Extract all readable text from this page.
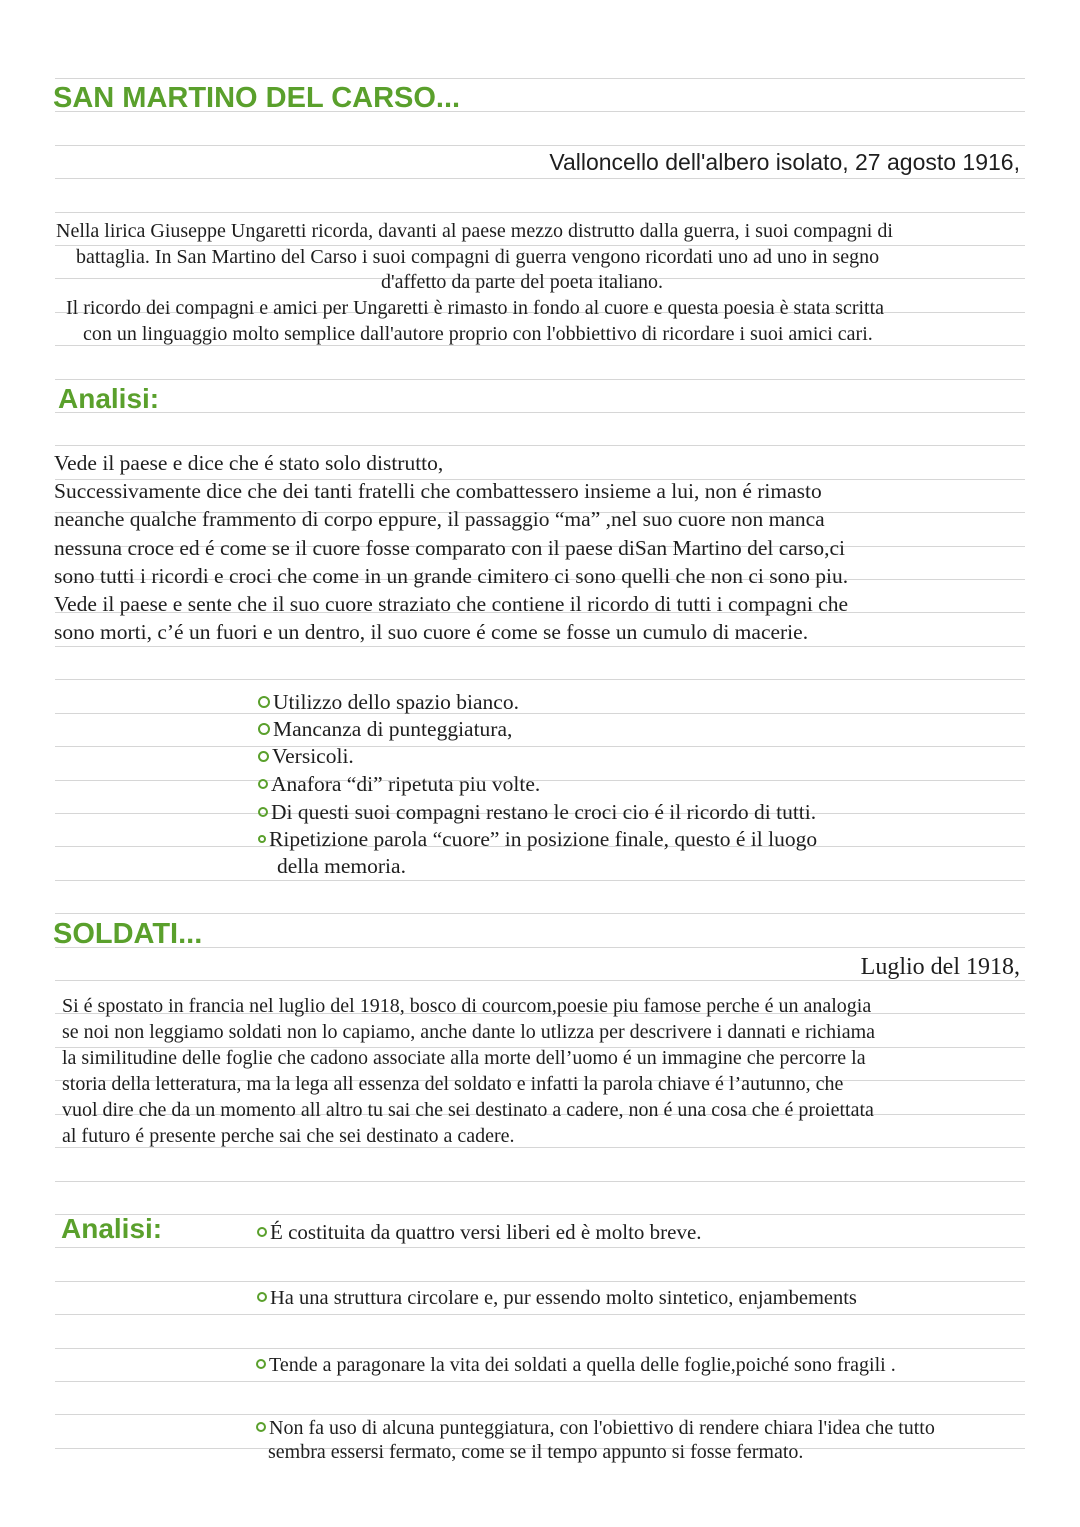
SAN MARTINO DEL CARSO...
Valloncello dell'albero isolato, 27 agosto 1916,
Nella lirica Giuseppe Ungaretti ricorda, davanti al paese mezzo distrutto dalla guerra, i suoi compagni di
battaglia. In San Martino del Carso i suoi compagni di guerra vengono ricordati uno ad uno in segno
d'affetto da parte del poeta italiano.
Il ricordo dei compagni e amici per Ungaretti è rimasto in fondo al cuore e questa poesia è stata scritta
con un linguaggio molto semplice dall'autore proprio con l'obbiettivo di ricordare i suoi amici cari.
Analisi:
Vede il paese e dice che é stato solo distrutto,
Successivamente dice che dei tanti fratelli che combattessero insieme a lui, non é rimasto
neanche qualche frammento di corpo eppure, il passaggio “ma” ,nel suo cuore non manca
nessuna croce ed é come se il cuore fosse comparato con il paese diSan Martino del carso,ci
sono tutti i ricordi e croci che come in un grande cimitero ci sono quelli che non ci sono piu.
Vede il paese e sente che il suo cuore straziato che contiene il ricordo di tutti i compagni che
sono morti, c’é un fuori e un dentro, il suo cuore é come se fosse un cumulo di macerie.
Utilizzo dello spazio bianco.
Mancanza di punteggiatura,
Versicoli.
Anafora “di” ripetuta piu volte.
Di questi suoi compagni restano le croci cio é il ricordo di tutti.
Ripetizione parola “cuore” in posizione finale, questo é il luogo
della memoria.
SOLDATI...
Luglio del 1918,
Si é spostato in francia nel luglio del 1918, bosco di courcom,poesie piu famose perche é un analogia
se noi non leggiamo soldati non lo capiamo, anche dante lo utlizza per descrivere i dannati e richiama
la similitudine delle foglie che cadono associate alla morte dell’uomo é un immagine che percorre la
storia della letteratura, ma la lega all essenza del soldato e infatti la parola chiave é l’autunno, che
vuol dire che da un momento all altro tu sai che sei destinato a cadere, non é una cosa che é proiettata
al futuro é presente perche sai che sei destinato a cadere.
Analisi:	É costituita da quattro versi liberi ed è molto breve.
Ha una struttura circolare e, pur essendo molto sintetico, enjambements
Tende a paragonare la vita dei soldati a quella delle foglie,poiché sono fragili .
Non fa uso di alcuna punteggiatura, con l'obiettivo di rendere chiara l'idea che tutto
sembra essersi fermato, come se il tempo appunto si fosse fermato.
